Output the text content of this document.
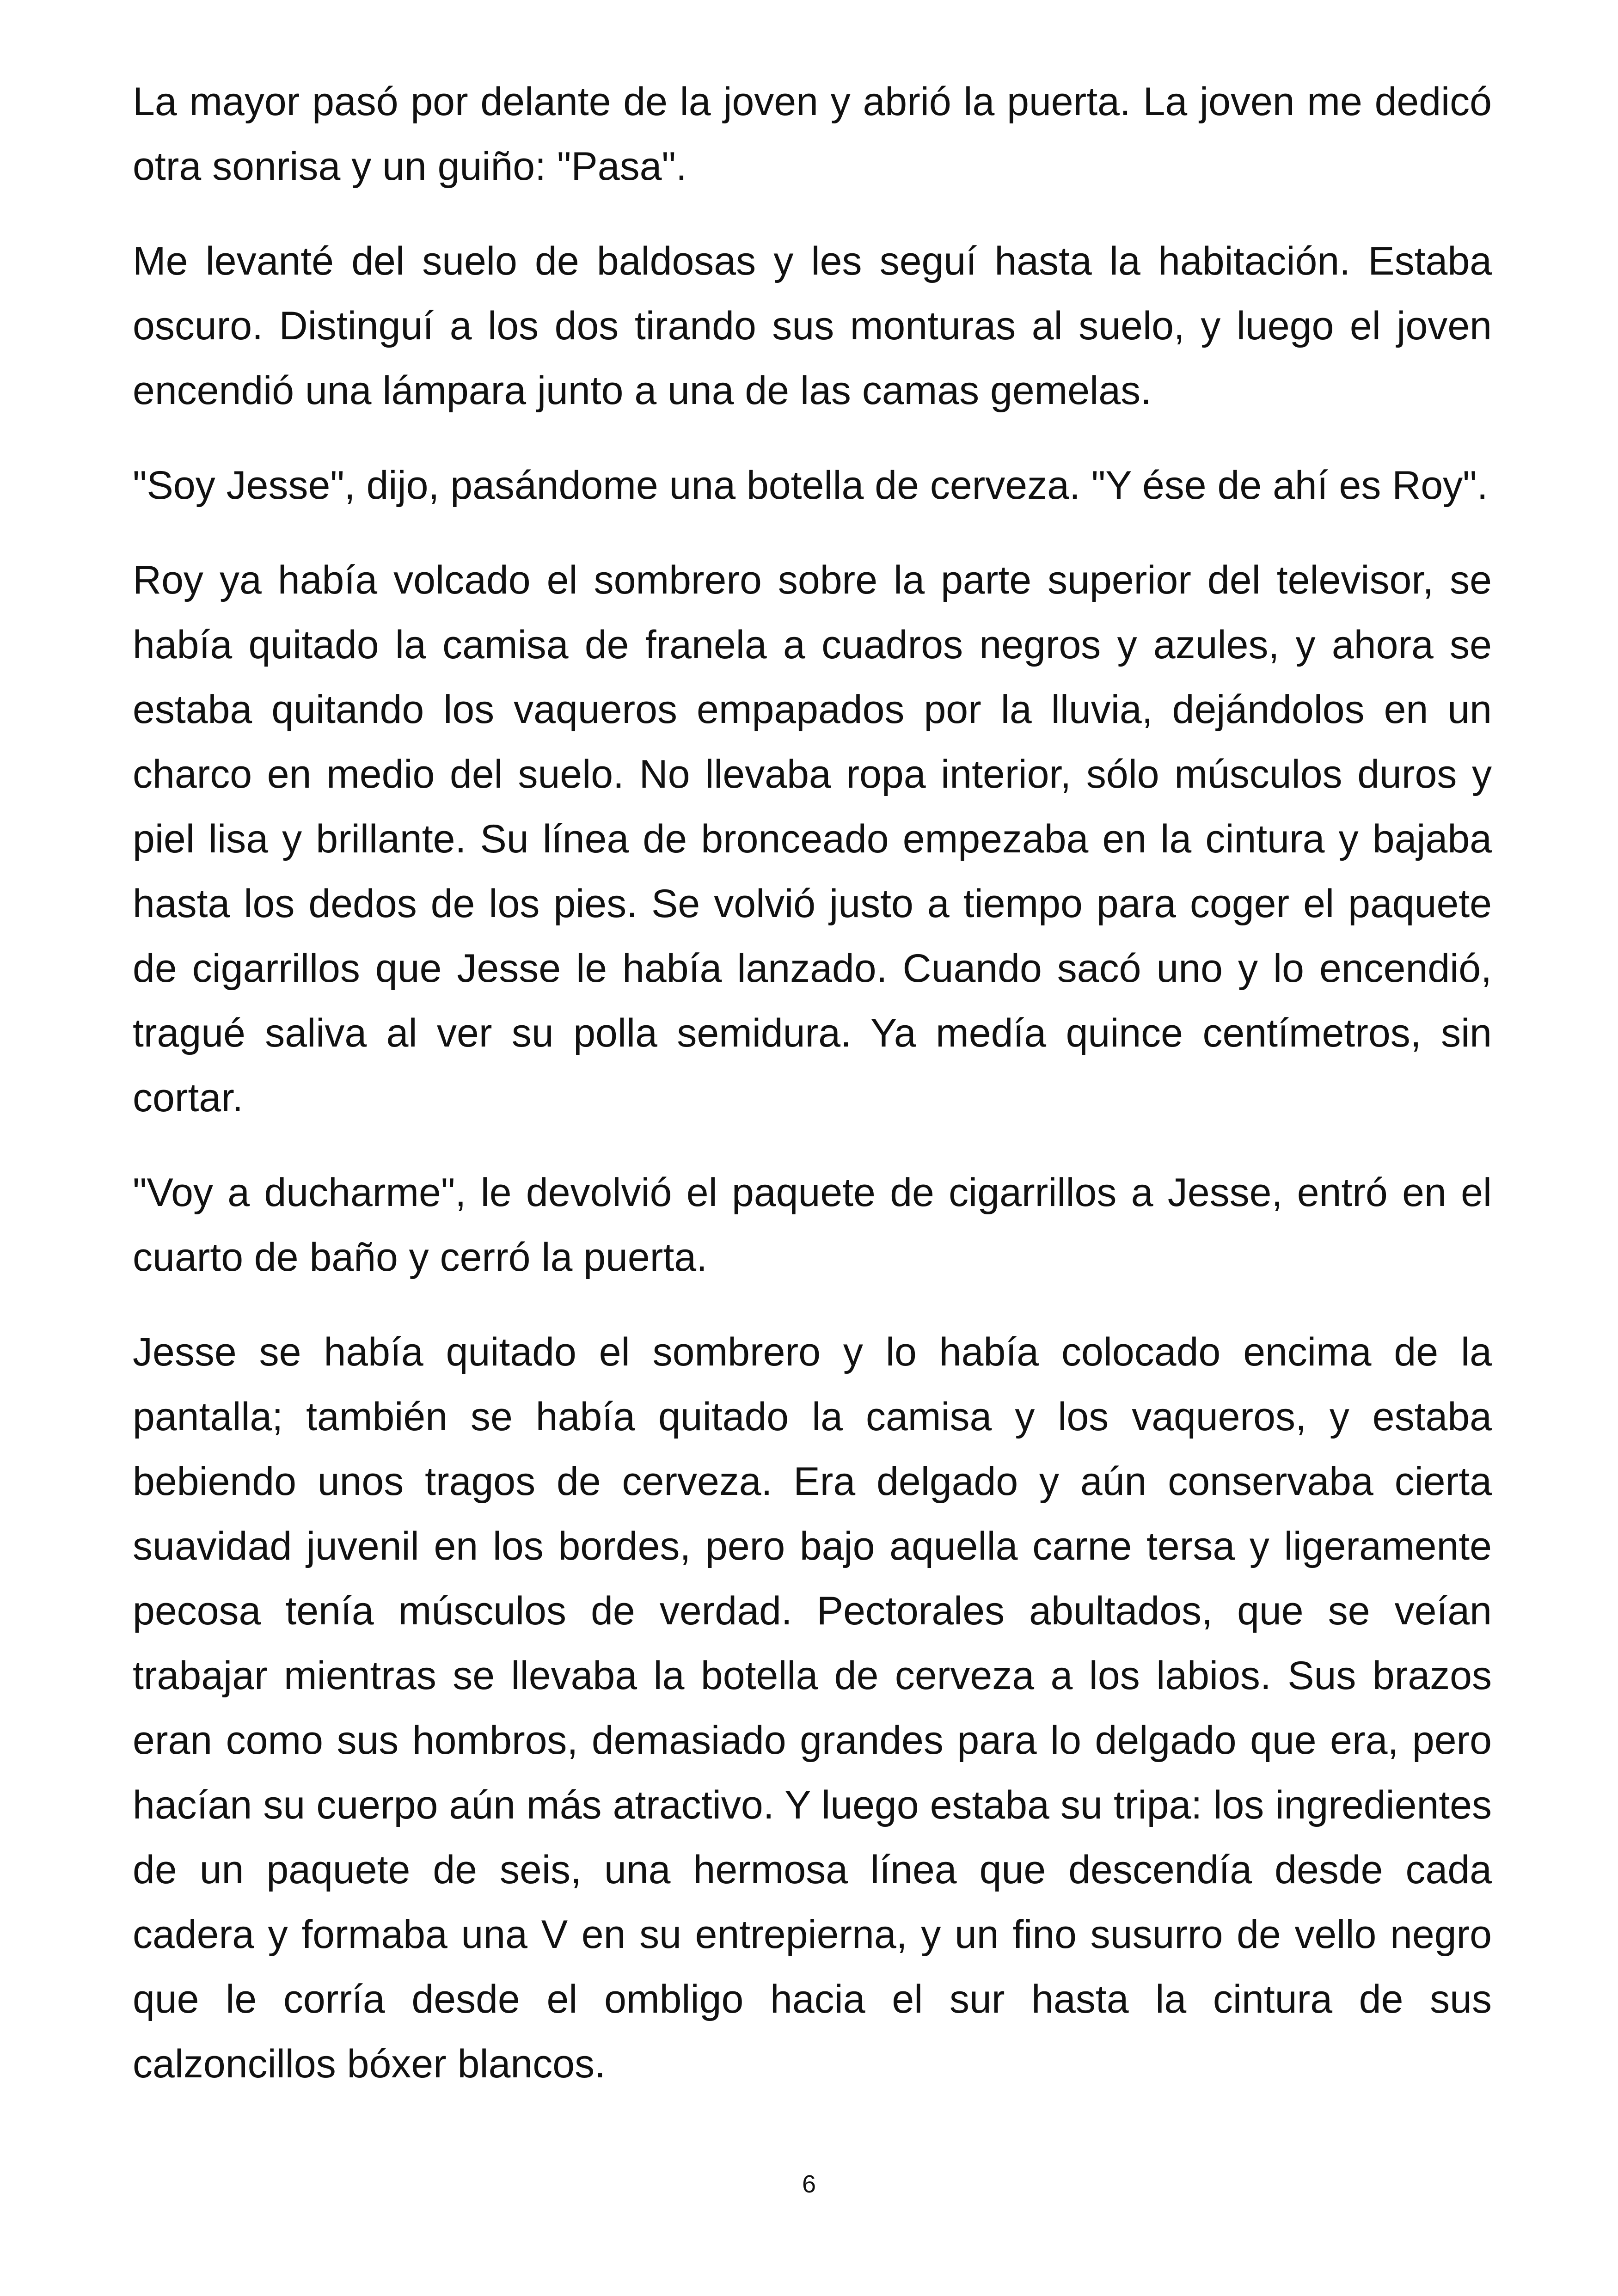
La mayor pasó por delante de la joven y abrió la puerta. La joven me dedicó otra sonrisa y un guiño: "Pasa".

Me levanté del suelo de baldosas y les seguí hasta la habitación. Estaba oscuro. Distinguí a los dos tirando sus monturas al suelo, y luego el joven encendió una lámpara junto a una de las camas gemelas.

"Soy Jesse", dijo, pasándome una botella de cerveza. "Y ése de ahí es Roy".

Roy ya había volcado el sombrero sobre la parte superior del televisor, se había quitado la camisa de franela a cuadros negros y azules, y ahora se estaba quitando los vaqueros empapados por la lluvia, dejándolos en un charco en medio del suelo. No llevaba ropa interior, sólo músculos duros y piel lisa y brillante. Su línea de bronceado empezaba en la cintura y bajaba hasta los dedos de los pies. Se volvió justo a tiempo para coger el paquete de cigarrillos que Jesse le había lanzado. Cuando sacó uno y lo encendió, tragué saliva al ver su polla semidura. Ya medía quince centímetros, sin cortar.

"Voy a ducharme", le devolvió el paquete de cigarrillos a Jesse, entró en el cuarto de baño y cerró la puerta.

Jesse se había quitado el sombrero y lo había colocado encima de la pantalla; también se había quitado la camisa y los vaqueros, y estaba bebiendo unos tragos de cerveza. Era delgado y aún conservaba cierta suavidad juvenil en los bordes, pero bajo aquella carne tersa y ligeramente pecosa tenía músculos de verdad. Pectorales abultados, que se veían trabajar mientras se llevaba la botella de cerveza a los labios. Sus brazos eran como sus hombros, demasiado grandes para lo delgado que era, pero hacían su cuerpo aún más atractivo. Y luego estaba su tripa: los ingredientes de un paquete de seis, una hermosa línea que descendía desde cada cadera y formaba una V en su entrepierna, y un fino susurro de vello negro que le corría desde el ombligo hacia el sur hasta la cintura de sus calzoncillos bóxer blancos.

6
